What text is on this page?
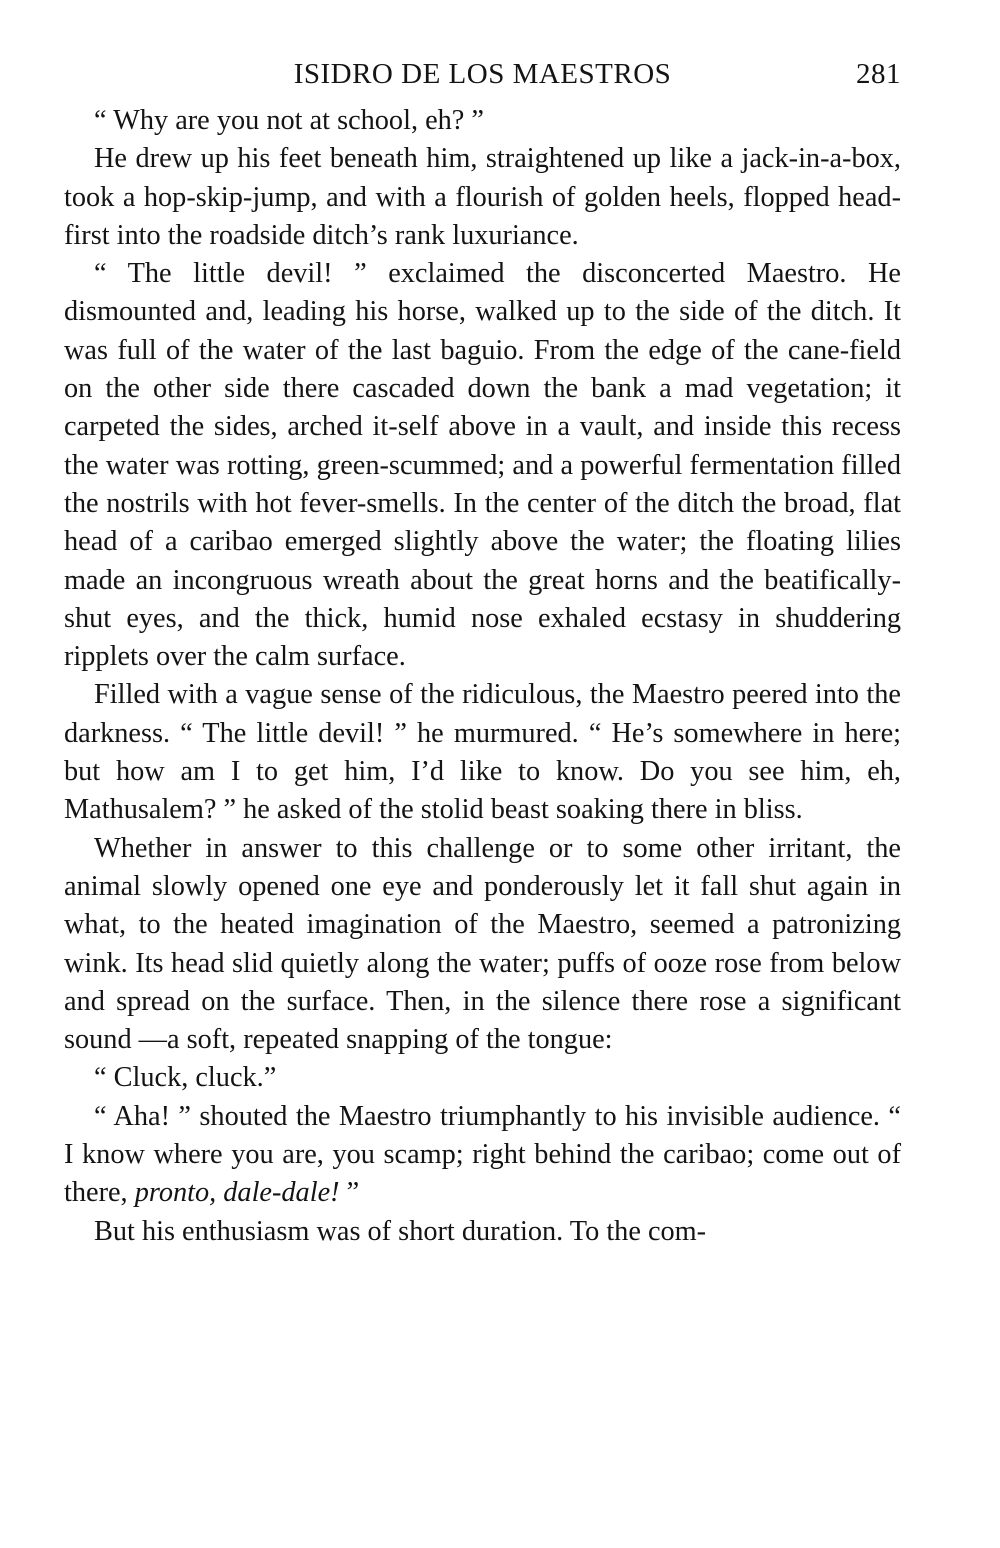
ISIDRO DE LOS MAESTROS	281

“ Why are you not at school, eh? ”

He drew up his feet beneath him, straightened up like a jack-in-a-box, took a hop-skip-jump, and with a flourish of golden heels, flopped head-first into the roadside ditch’s rank luxuriance.

“ The little devil! ” exclaimed the disconcerted Maestro. He dismounted and, leading his horse, walked up to the side of the ditch. It was full of the water of the last baguio. From the edge of the cane-field on the other side there cascaded down the bank a mad vegetation; it carpeted the sides, arched it-self above in a vault, and inside this recess the water was rotting, green-scummed; and a powerful fermentation filled the nostrils with hot fever-smells. In the center of the ditch the broad, flat head of a caribao emerged slightly above the water; the floating lilies made an incongruous wreath about the great horns and the beatifically-shut eyes, and the thick, humid nose exhaled ecstasy in shuddering ripplets over the calm surface.

Filled with a vague sense of the ridiculous, the Maestro peered into the darkness. “ The little devil! ” he murmured. “ He’s somewhere in here; but how am I to get him, I’d like to know. Do you see him, eh, Mathusalem? ” he asked of the stolid beast soaking there in bliss.

Whether in answer to this challenge or to some other irritant, the animal slowly opened one eye and ponderously let it fall shut again in what, to the heated imagination of the Maestro, seemed a patronizing wink. Its head slid quietly along the water; puffs of ooze rose from below and spread on the surface. Then, in the silence there rose a significant sound —a soft, repeated snapping of the tongue:

“ Cluck, cluck.”

“ Aha! ” shouted the Maestro triumphantly to his invisible audience. “ I know where you are, you scamp; right behind the caribao; come out of there, pronto, dale-dale! ”

But his enthusiasm was of short duration. To the com-
